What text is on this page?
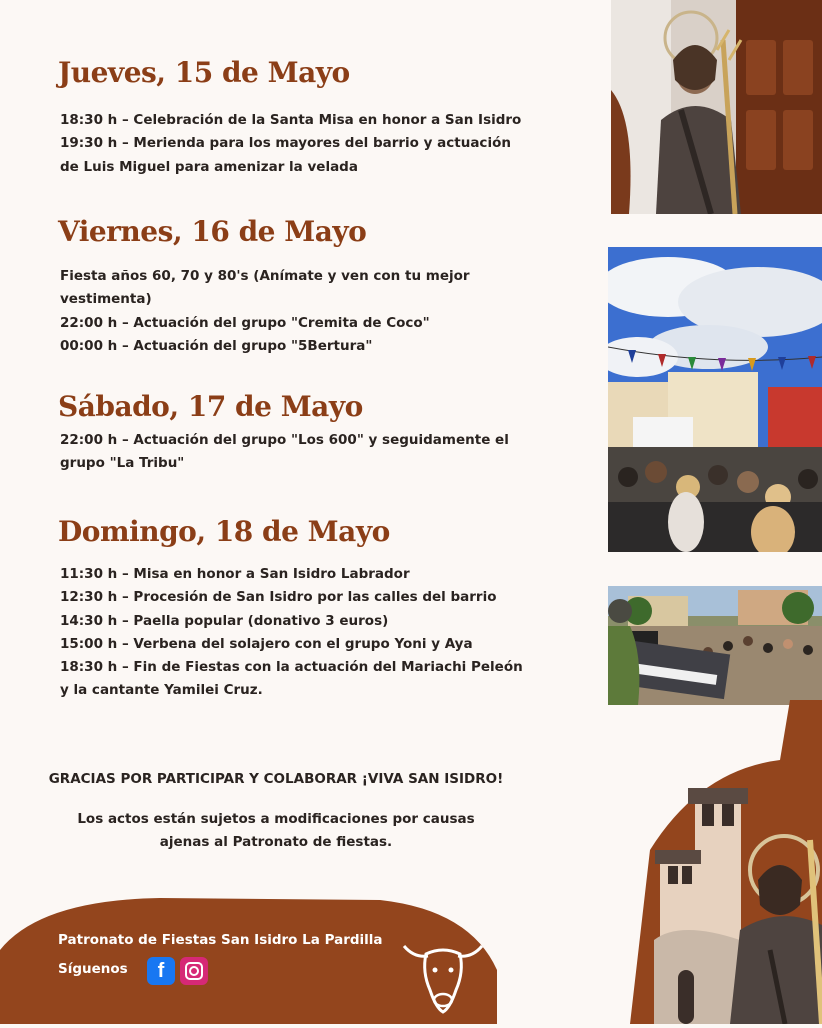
Jueves, 15 de Mayo
18:30 h – Celebración de la Santa Misa en honor a San Isidro
19:30 h – Merienda para los mayores del barrio y actuación
de Luis Miguel para amenizar la velada
Viernes, 16 de Mayo
Fiesta años 60, 70 y 80's (Anímate y ven con tu mejor
vestimenta)
22:00 h – Actuación del grupo "Cremita de Coco"
00:00 h – Actuación del grupo "5Bertura"
Sábado, 17 de Mayo
22:00 h – Actuación del grupo "Los 600" y seguidamente el
grupo "La Tribu"
Domingo, 18 de Mayo
11:30 h – Misa en honor a San Isidro Labrador
12:30 h – Procesión de San Isidro por las calles del barrio
14:30 h – Paella popular (donativo 3 euros)
15:00 h – Verbena del solajero con el grupo Yoni y Aya
18:30 h – Fin de Fiestas con la actuación del Mariachi Peleón
y la cantante Yamilei Cruz.
GRACIAS POR PARTICIPAR Y COLABORAR ¡VIVA SAN ISIDRO!
Los actos están sujetos a modificaciones por causas
ajenas al Patronato de fiestas.
Patronato de Fiestas San Isidro La Pardilla
Síguenos	f
